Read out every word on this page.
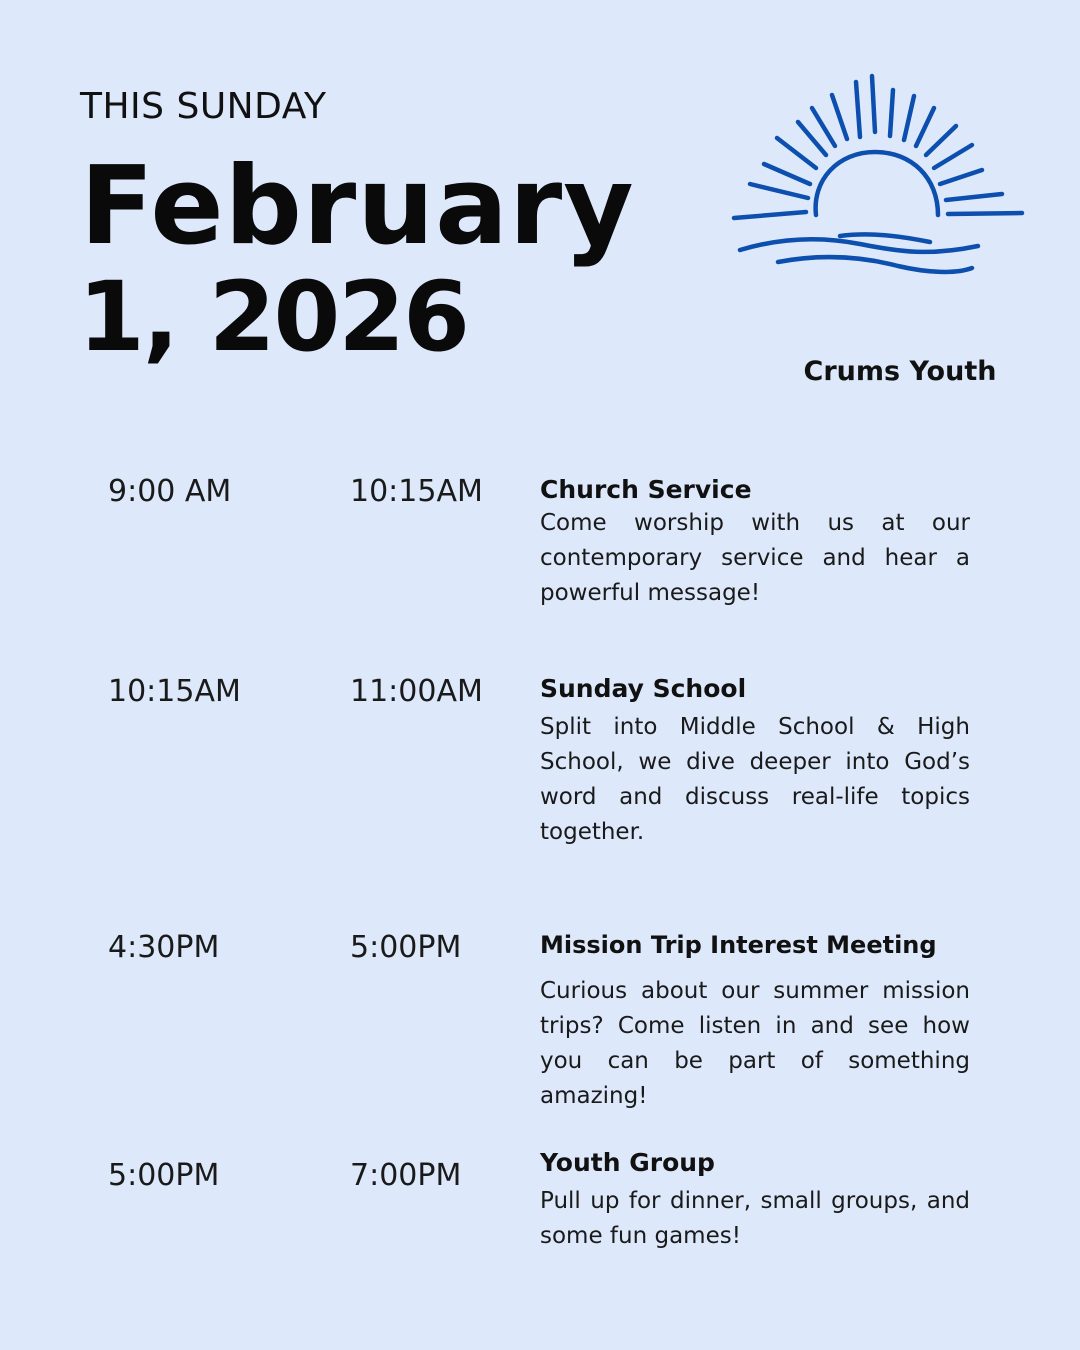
THIS SUNDAY
February
1, 2026	Crums Youth
9:00 AM	10:15AM Church Service
Come worship with us at our contemporary service and hear a powerful message!
10:15AM	11:00AM Sunday School
Split into Middle School & High School, we dive deeper into God’s word and discuss real-life topics together.
4:30PM	5:00PM	Mission Trip Interest Meeting
Curious about our summer mission trips? Come listen in and see how you can be part of something amazing!
5:00PM	7:00PM	Youth Group
Pull up for dinner, small groups, and some fun games!
